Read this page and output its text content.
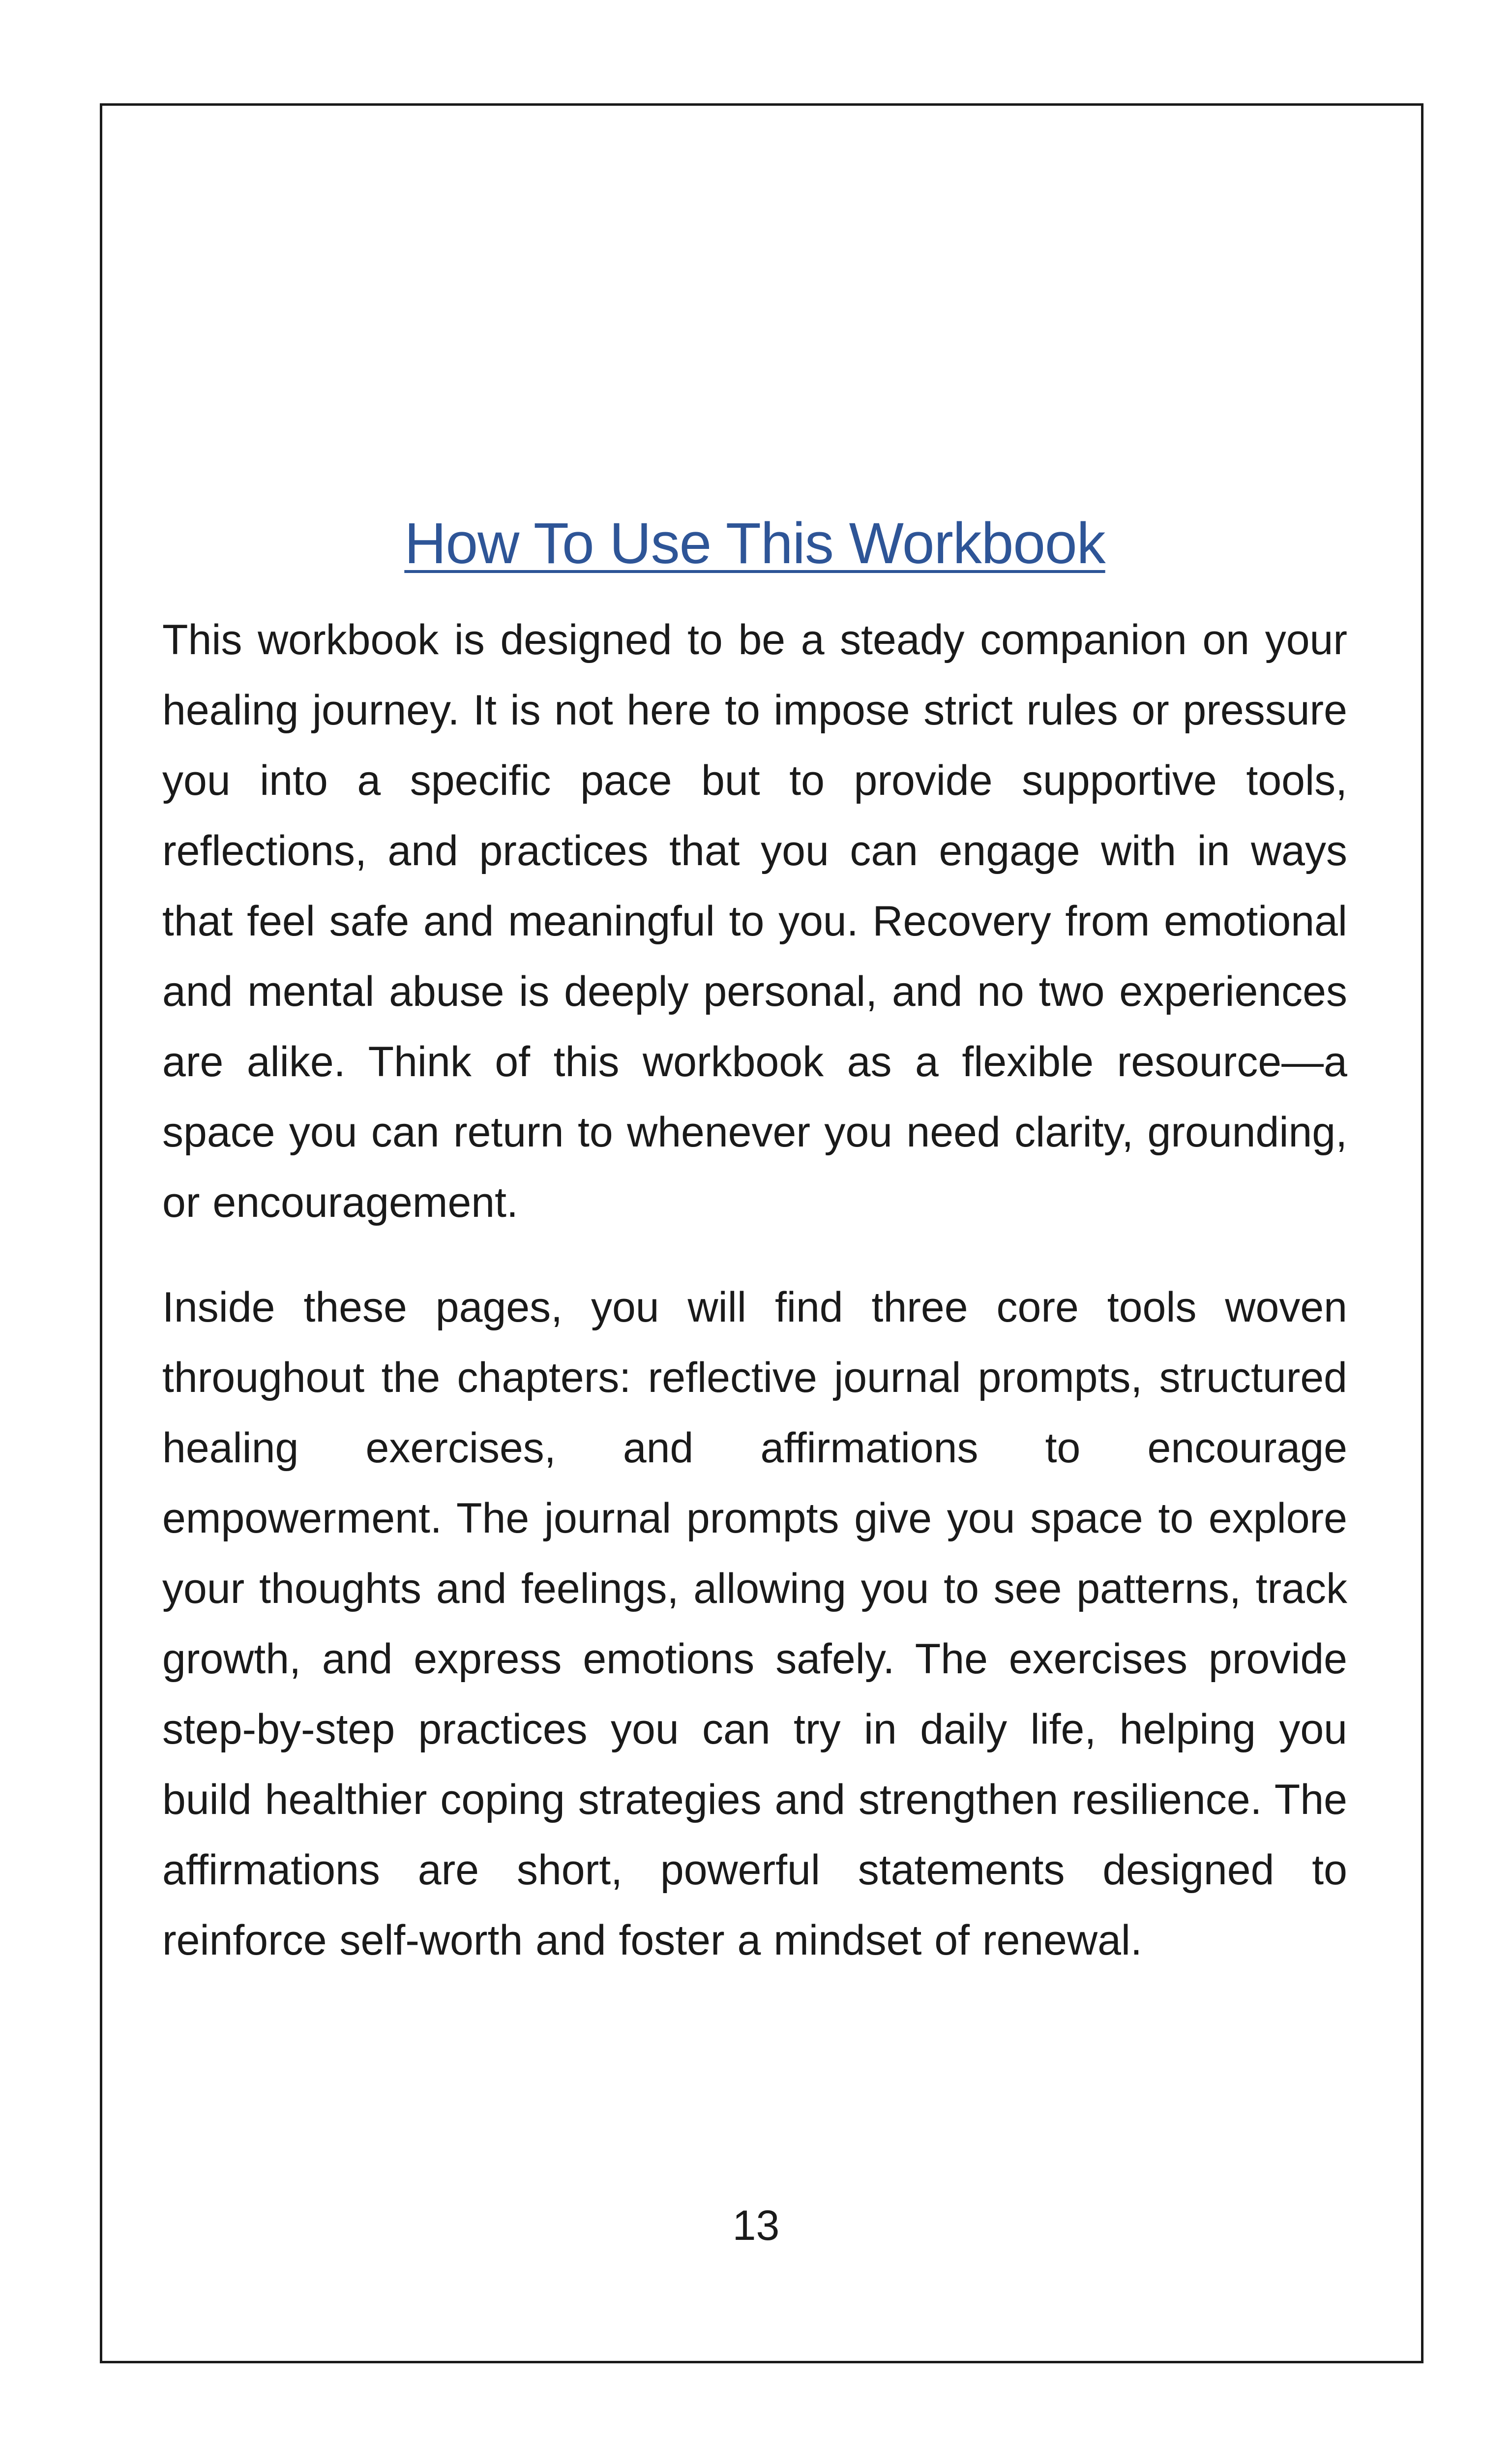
How To Use This Workbook

This workbook is designed to be a steady companion on your healing journey. It is not here to impose strict rules or pressure you into a specific pace but to provide supportive tools, reflections, and practices that you can engage with in ways that feel safe and meaningful to you. Recovery from emotional and mental abuse is deeply personal, and no two experiences are alike. Think of this workbook as a flexible resource—a space you can return to whenever you need clarity, grounding, or encouragement.

Inside these pages, you will find three core tools woven throughout the chapters: reflective journal prompts, structured healing exercises, and affirmations to encourage empowerment. The journal prompts give you space to explore your thoughts and feelings, allowing you to see patterns, track growth, and express emotions safely. The exercises provide step-by-step practices you can try in daily life, helping you build healthier coping strategies and strengthen resilience. The affirmations are short, powerful statements designed to reinforce self-worth and foster a mindset of renewal.

13
